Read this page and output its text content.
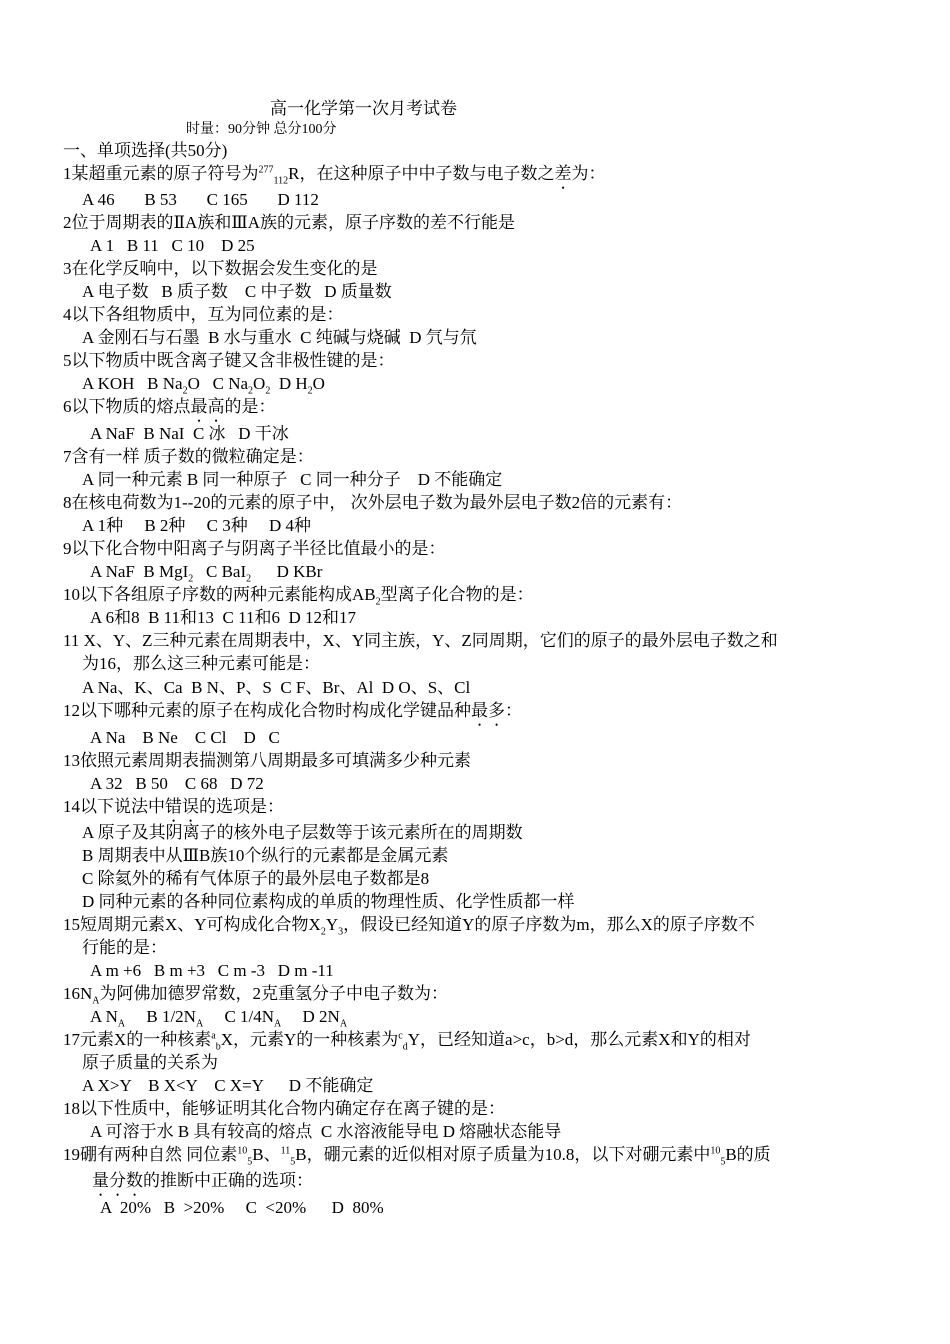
高一化学第一次月考试卷
时量：90分钟 总分100分
一、单项选择(共50分)
1某超重元素的原子符号为$^{277}_{112}$R，在这种原子中中子数与电子数之差为：
A 46       B 53       C 165       D 112
2位于周期表的ⅡA族和ⅢA族的元素，原子序数的差不行能是
A 1   B 11   C 10    D 25
3在化学反响中，以下数据会发生变化的是
A 电子数   B 质子数    C 中子数   D 质量数
4以下各组物质中，互为同位素的是：
A 金刚石与石墨  B 水与重水  C 纯碱与烧碱  D 氕与氘
5以下物质中既含离子键又含非极性键的是：
A KOH   B $Na_2O$   C $Na_2O_2$  D $H_2O$
6以下物质的熔点最高的是：
A NaF  B NaI  C 冰   D 干冰
7含有一样 质子数的微粒确定是：
A 同一种元素 B 同一种原子   C 同一种分子    D 不能确定
8在核电荷数为1--20的元素的原子中， 次外层电子数为最外层电子数2倍的元素有：
A 1种     B 2种     C 3种     D 4种
9以下化合物中阳离子与阴离子半径比值最小的是：
A NaF  B MgI$_2$   C BaI$_2$      D KBr
10以下各组原子序数的两种元素能构成$AB_2$型离子化合物的是：
A 6和8  B 11和13  C 11和6  D 12和17
11 X、Y、Z三种元素在周期表中，X、Y同主族，Y、Z同周期，它们的原子的最外层电子数之和
为16，那么这三种元素可能是：
A Na、K、Ca  B N、P、S  C F、Br、Al  D O、S、Cl
12以下哪种元素的原子在构成化合物时构成化学键品种最多：
A Na    B Ne    C Cl    D   C
13依照元素周期表揣测第八周期最多可填满多少种元素
A 32   B 50    C 68   D 72
14以下说法中错误的选项是：
A 原子及其阴离子的核外电子层数等于该元素所在的周期数
B 周期表中从ⅢB族10个纵行的元素都是金属元素
C 除氦外的稀有气体原子的最外层电子数都是8
D 同种元素的各种同位素构成的单质的物理性质、化学性质都一样
15短周期元素X、Y可构成化合物$X_2Y_3$，假设已经知道Y的原子序数为m，那么X的原子序数不
行能的是：
A m +6   B m +3   C m -3   D m -11
$16N_A$为阿佛加德罗常数，2克重氢分子中电子数为：
A $N_A$     B $1/2N_A$     C $1/4N_A$     D $2N_A$
17元素X的一种核素$^a_b$X，元素Y的一种核素为$^c_d$Y，已经知道a>c，b>d，那么元素X和Y的相对
原子质量的关系为
A X>Y    B X<Y    C X=Y      D 不能确定
18以下性质中，能够证明其化合物内确定存在离子键的是：
A 可溶于水 B 具有较高的熔点  C 水溶液能导电 D 熔融状态能导
19硼有两种自然 同位素$^{10}_5$B、$^{11}_5$B，硼元素的近似相对原子质量为10.8，以下对硼元素中$^{10}_5$B的质
量分数的推断中正确的选项：
A  20%   B  >20%     C  <20%      D  80%
